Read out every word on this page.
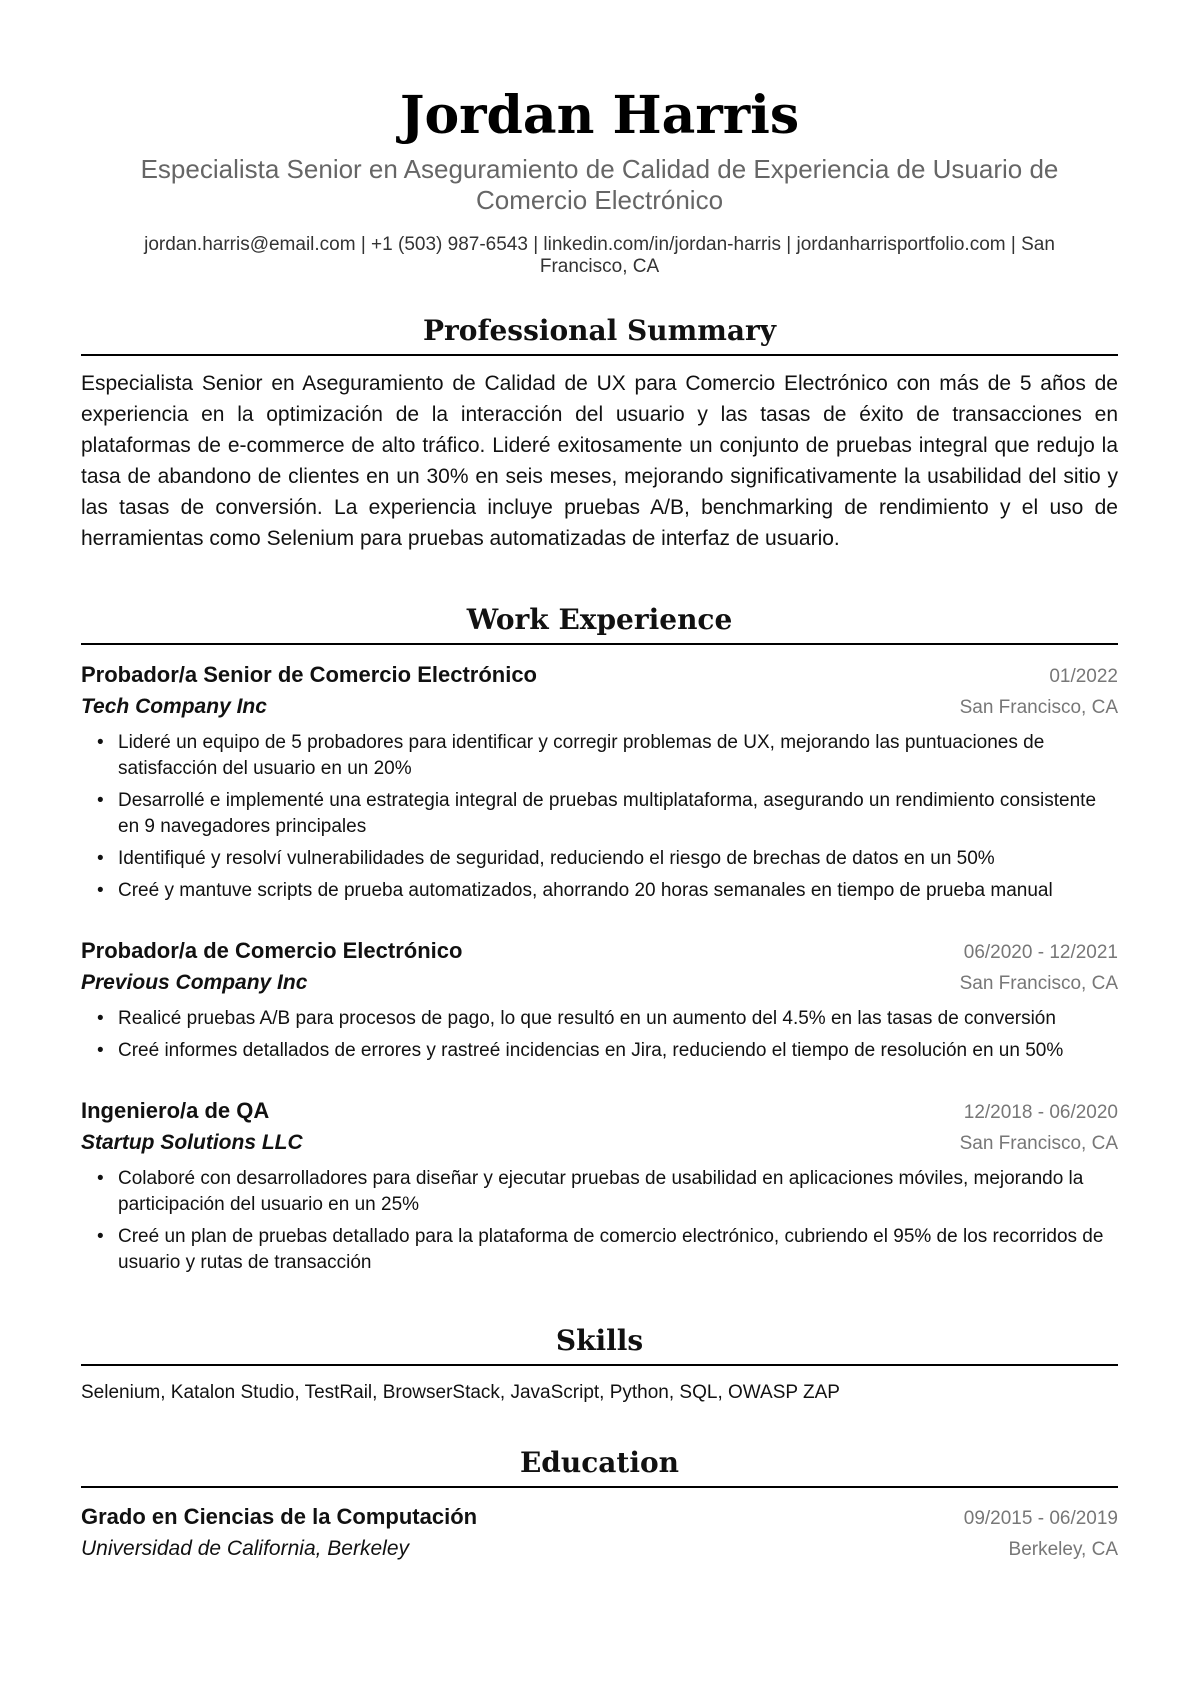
Jordan Harris
Especialista Senior en Aseguramiento de Calidad de Experiencia de Usuario de Comercio Electrónico
jordan.harris@email.com | +1 (503) 987-6543 | linkedin.com/in/jordan-harris | jordanharrisportfolio.com | San Francisco, CA
Professional Summary

Especialista Senior en Aseguramiento de Calidad de UX para Comercio Electrónico con más de 5 años de experiencia en la optimización de la interacción del usuario y las tasas de éxito de transacciones en plataformas de e-commerce de alto tráfico. Lideré exitosamente un conjunto de pruebas integral que redujo la tasa de abandono de clientes en un 30% en seis meses, mejorando significativamente la usabilidad del sitio y las tasas de conversión. La experiencia incluye pruebas A/B, benchmarking de rendimiento y el uso de herramientas como Selenium para pruebas automatizadas de interfaz de usuario.

Work Experience
Probador/a Senior de Comercio Electrónico	01/2022
Tech Company Inc	San Francisco, CA
• Lideré un equipo de 5 probadores para identificar y corregir problemas de UX, mejorando las puntuaciones de satisfacción del usuario en un 20%
• Desarrollé e implementé una estrategia integral de pruebas multiplataforma, asegurando un rendimiento consistente en 9 navegadores principales
• Identifiqué y resolví vulnerabilidades de seguridad, reduciendo el riesgo de brechas de datos en un 50%
• Creé y mantuve scripts de prueba automatizados, ahorrando 20 horas semanales en tiempo de prueba manual
Probador/a de Comercio Electrónico	06/2020 - 12/2021
Previous Company Inc	San Francisco, CA
• Realicé pruebas A/B para procesos de pago, lo que resultó en un aumento del 4.5% en las tasas de conversión
• Creé informes detallados de errores y rastreé incidencias en Jira, reduciendo el tiempo de resolución en un 50%
Ingeniero/a de QA	12/2018 - 06/2020
Startup Solutions LLC	San Francisco, CA
• Colaboré con desarrolladores para diseñar y ejecutar pruebas de usabilidad en aplicaciones móviles, mejorando la participación del usuario en un 25%
• Creé un plan de pruebas detallado para la plataforma de comercio electrónico, cubriendo el 95% de los recorridos de usuario y rutas de transacción
Skills
Selenium, Katalon Studio, TestRail, BrowserStack, JavaScript, Python, SQL, OWASP ZAP
Education
Grado en Ciencias de la Computación	09/2015 - 06/2019
Universidad de California, Berkeley	Berkeley, CA
